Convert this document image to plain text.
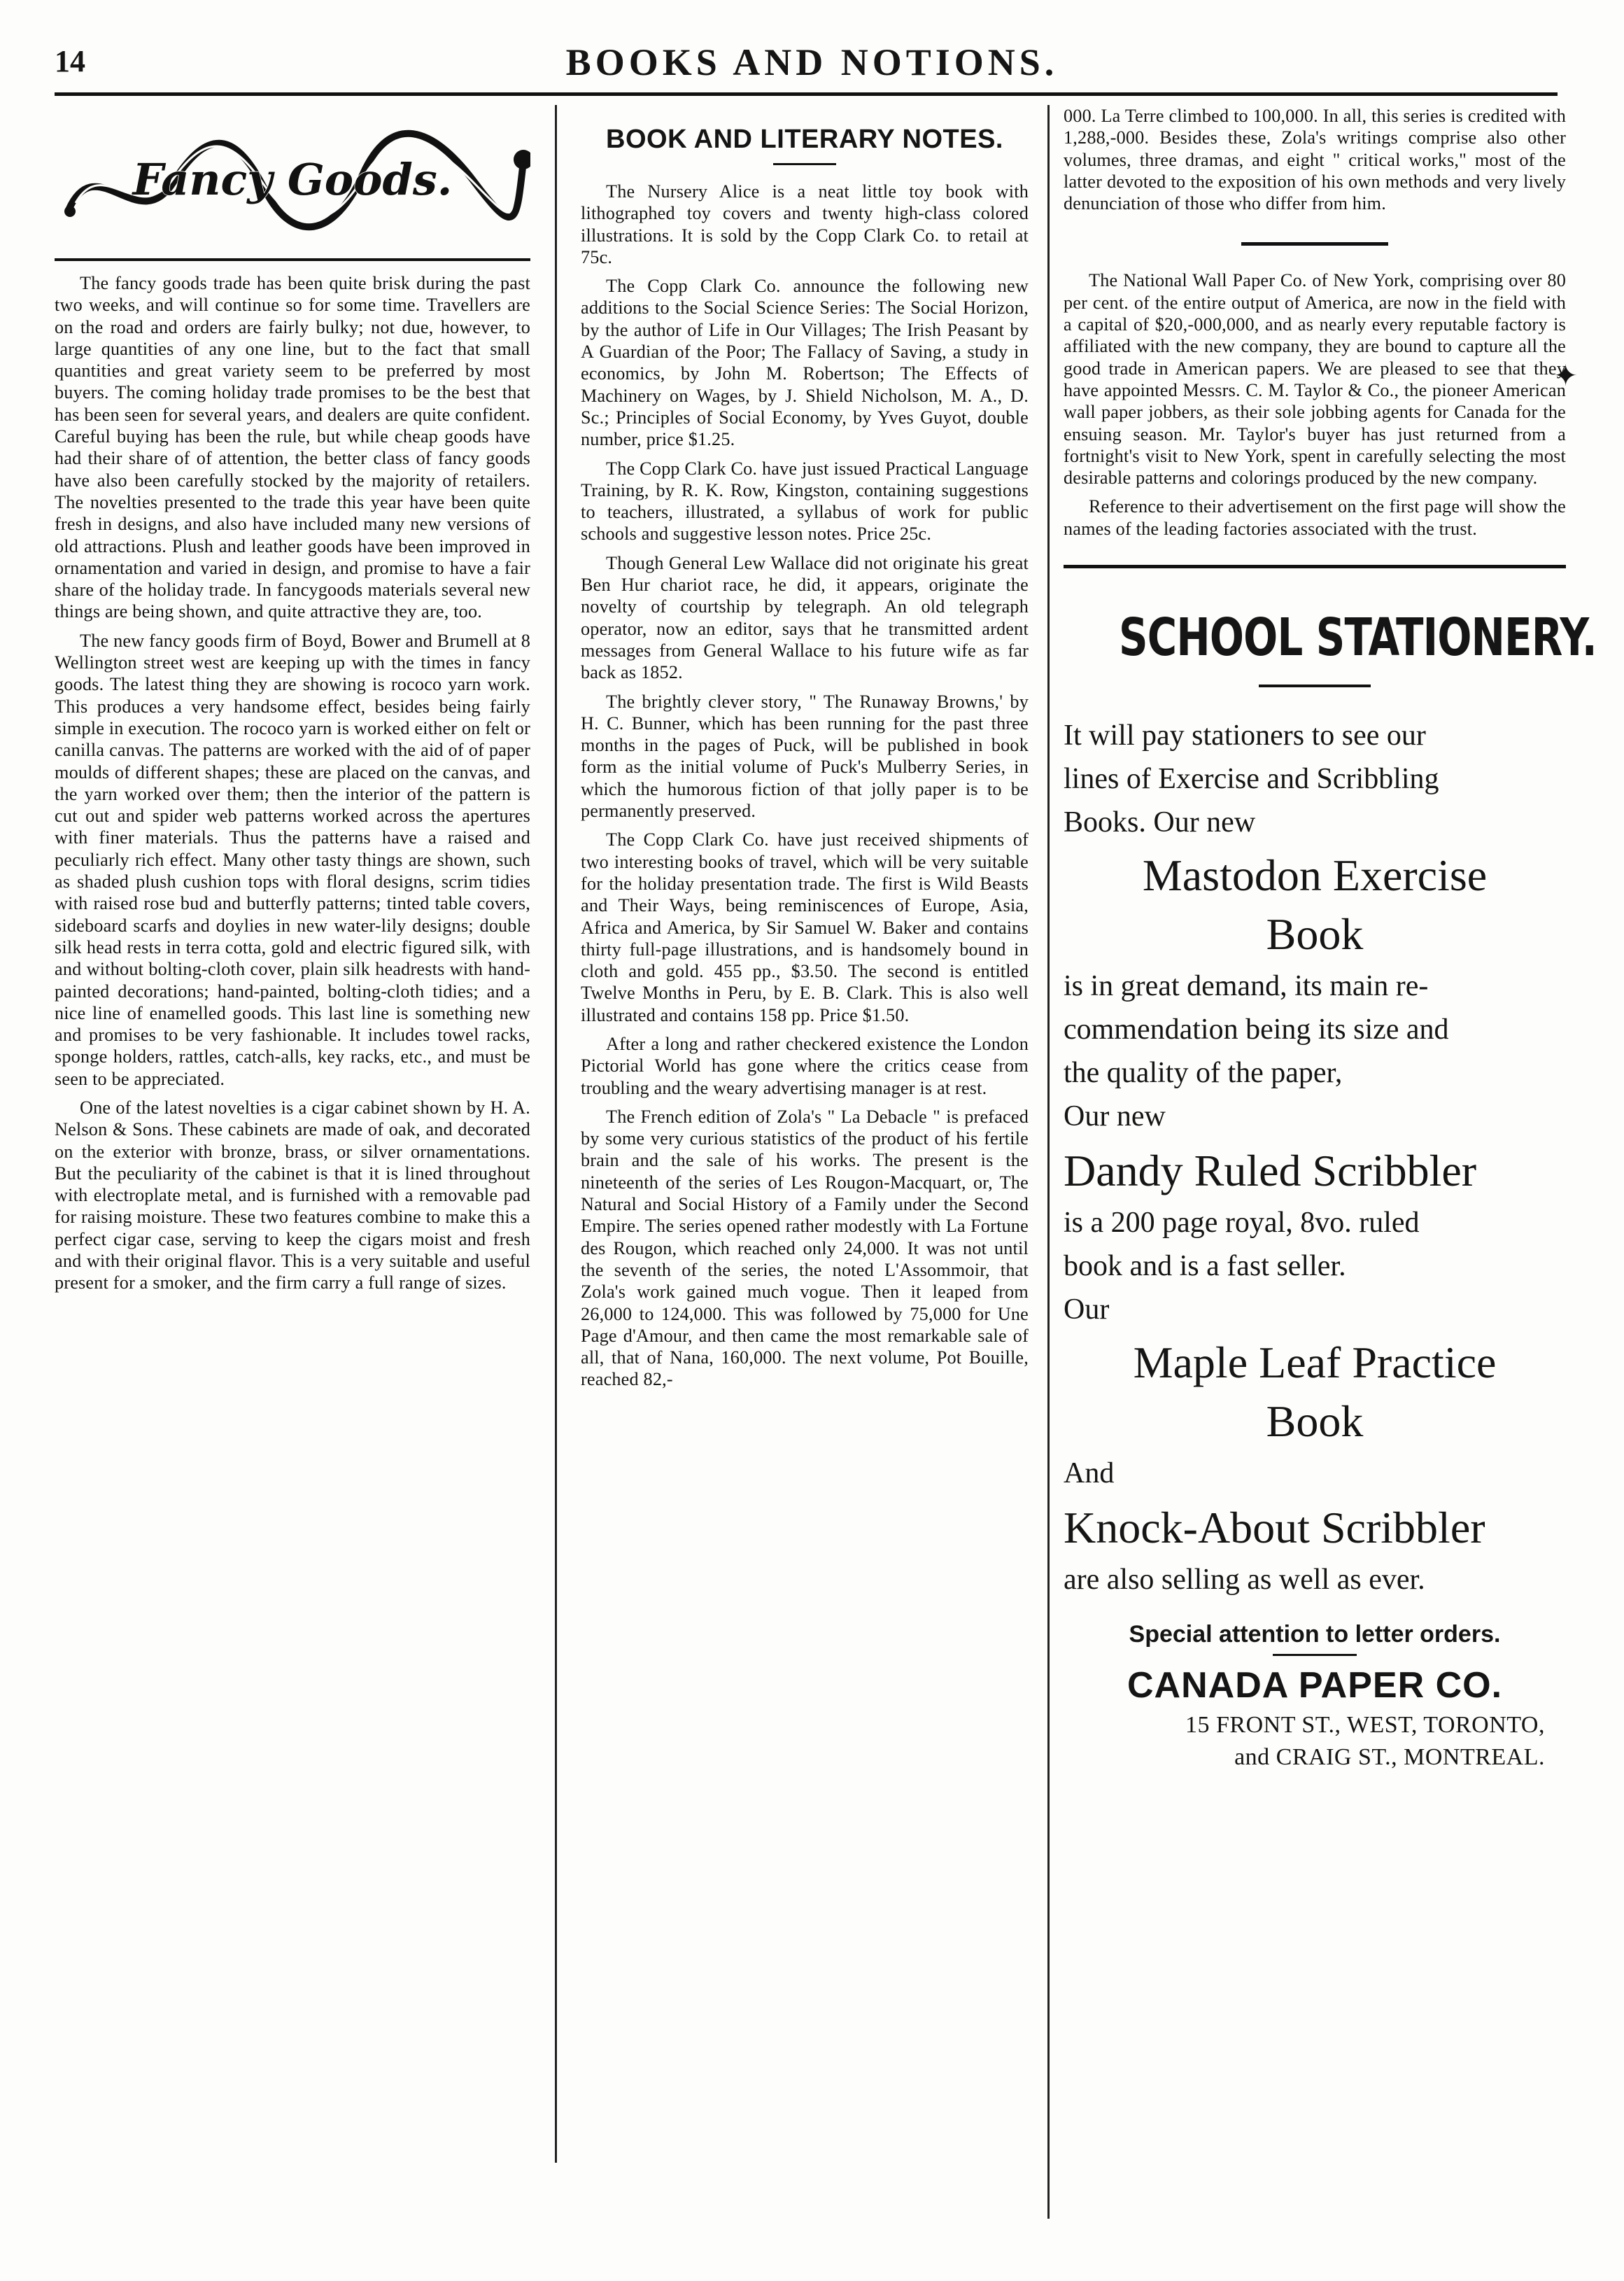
14	BOOKS AND NOTIONS.
Fancy Goods.

The fancy goods trade has been quite brisk during the past two weeks, and will continue so for some time. Travellers are on the road and orders are fairly bulky; not due, however, to large quantities of any one line, but to the fact that small quantities and great variety seem to be preferred by most buyers. The coming holiday trade promises to be the best that has been seen for several years, and dealers are quite confident. Careful buying has been the rule, but while cheap goods have had their share of of attention, the better class of fancy goods have also been carefully stocked by the majority of retailers. The novelties presented to the trade this year have been quite fresh in designs, and also have included many new versions of old attractions. Plush and leather goods have been improved in ornamentation and varied in design, and promise to have a fair share of the holiday trade. In fancygoods materials several new things are being shown, and quite attractive they are, too.

The new fancy goods firm of Boyd, Bower and Brumell at 8 Wellington street west are keeping up with the times in fancy goods. The latest thing they are showing is rococo yarn work. This produces a very handsome effect, besides being fairly simple in execution. The rococo yarn is worked either on felt or canilla canvas. The patterns are worked with the aid of of paper moulds of different shapes; these are placed on the canvas, and the yarn worked over them; then the interior of the pattern is cut out and spider web patterns worked across the apertures with finer materials. Thus the patterns have a raised and peculiarly rich effect. Many other tasty things are shown, such as shaded plush cushion tops with floral designs, scrim tidies with raised rose bud and butterfly patterns; tinted table covers, sideboard scarfs and doylies in new water-lily designs; double silk head rests in terra cotta, gold and electric figured silk, with and without bolting-cloth cover, plain silk headrests with hand-painted decorations; hand-painted, bolting-cloth tidies; and a nice line of enamelled goods. This last line is something new and promises to be very fashionable. It includes towel racks, sponge holders, rattles, catch-alls, key racks, etc., and must be seen to be appreciated.

One of the latest novelties is a cigar cabinet shown by H. A. Nelson & Sons. These cabinets are made of oak, and decorated on the exterior with bronze, brass, or silver ornamentations. But the peculiarity of the cabinet is that it is lined throughout with electroplate metal, and is furnished with a removable pad for raising moisture. These two features combine to make this a perfect cigar case, serving to keep the cigars moist and fresh and with their original flavor. This is a very suitable and useful present for a smoker, and the firm carry a full range of sizes.

BOOK AND LITERARY NOTES.

The Nursery Alice is a neat little toy book with lithographed toy covers and twenty high-class colored illustrations. It is sold by the Copp Clark Co. to retail at 75c.

The Copp Clark Co. announce the following new additions to the Social Science Series: The Social Horizon, by the author of Life in Our Villages; The Irish Peasant by A Guardian of the Poor; The Fallacy of Saving, a study in economics, by John M. Robertson; The Effects of Machinery on Wages, by J. Shield Nicholson, M. A., D. Sc.; Principles of Social Economy, by Yves Guyot, double number, price $1.25.

The Copp Clark Co. have just issued Practical Language Training, by R. K. Row, Kingston, containing suggestions to teachers, illustrated, a syllabus of work for public schools and suggestive lesson notes. Price 25c.

Though General Lew Wallace did not originate his great Ben Hur chariot race, he did, it appears, originate the novelty of courtship by telegraph. An old telegraph operator, now an editor, says that he transmitted ardent messages from General Wallace to his future wife as far back as 1852.

The brightly clever story, " The Runaway Browns,' by H. C. Bunner, which has been running for the past three months in the pages of Puck, will be published in book form as the initial volume of Puck's Mulberry Series, in which the humorous fiction of that jolly paper is to be permanently preserved.

The Copp Clark Co. have just received shipments of two interesting books of travel, which will be very suitable for the holiday presentation trade. The first is Wild Beasts and Their Ways, being reminiscences of Europe, Asia, Africa and America, by Sir Samuel W. Baker and contains thirty full-page illustrations, and is handsomely bound in cloth and gold. 455 pp., $3.50. The second is entitled Twelve Months in Peru, by E. B. Clark. This is also well illustrated and contains 158 pp. Price $1.50.

After a long and rather checkered existence the London Pictorial World has gone where the critics cease from troubling and the weary advertising manager is at rest.

The French edition of Zola's " La Debacle " is prefaced by some very curious statistics of the product of his fertile brain and the sale of his works. The present is the nineteenth of the series of Les Rougon-Macquart, or, The Natural and Social History of a Family under the Second Empire. The series opened rather modestly with La Fortune des Rougon, which reached only 24,000. It was not until the seventh of the series, the noted L'Assommoir, that Zola's work gained much vogue. Then it leaped from 26,000 to 124,000. This was followed by 75,000 for Une Page d'Amour, and then came the most remarkable sale of all, that of Nana, 160,000. The next volume, Pot Bouille, reached 82,-

000. La Terre climbed to 100,000. In all, this series is credited with 1,288,-000. Besides these, Zola's writings comprise also other volumes, three dramas, and eight " critical works," most of the latter devoted to the exposition of his own methods and very lively denunciation of those who differ from him.

The National Wall Paper Co. of New York, comprising over 80 per cent. of the entire output of America, are now in the field with a capital of $20,-000,000, and as nearly every reputable factory is affiliated with the new company, they are bound to capture all the good trade in American papers. We are pleased to see that they have appointed Messrs. C. M. Taylor & Co., the pioneer American wall paper jobbers, as their sole jobbing agents for Canada for the ensuing season. Mr. Taylor's buyer has just returned from a fortnight's visit to New York, spent in carefully selecting the most desirable patterns and colorings produced by the new company.

Reference to their advertisement on the first page will show the names of the leading factories associated with the trust.

SCHOOL STATIONERY.

It will pay stationers to see our

lines of Exercise and Scribbling

Books. Our new

Mastodon Exercise

Book

is in great demand, its main re-

commendation being its size and

the quality of the paper,

Our new

Dandy Ruled Scribbler

is a 200 page royal, 8vo. ruled

book and is a fast seller.

Our

Maple Leaf Practice

Book

And

Knock-About Scribbler

are also selling as well as ever.

Special attention to letter orders.

CANADA PAPER CO.

15 FRONT ST., WEST, TORONTO,

and CRAIG ST., MONTREAL.

✦
